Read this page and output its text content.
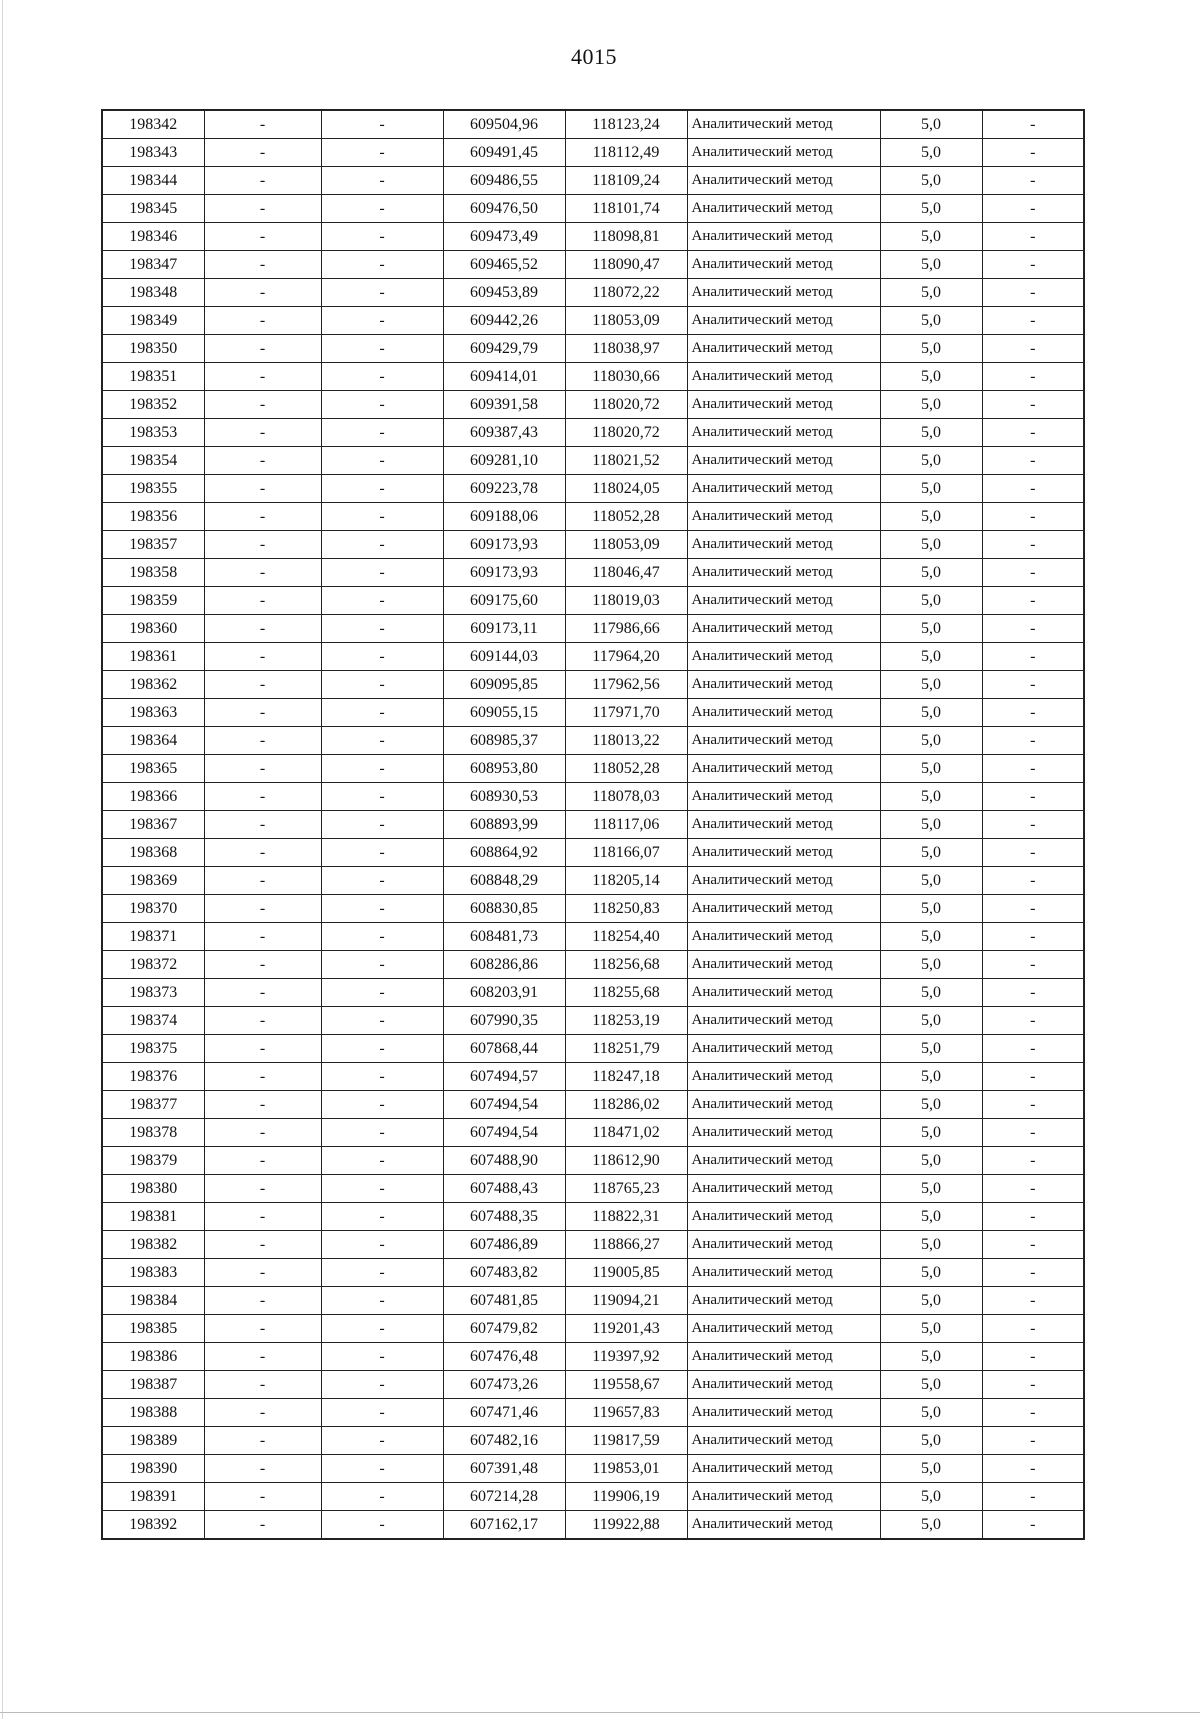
4015
198342	-	-	609504,96	118123,24	Аналитический метод	5,0	-
198343	-	-	609491,45	118112,49	Аналитический метод	5,0	-
198344	-	-	609486,55	118109,24	Аналитический метод	5,0	-
198345	-	-	609476,50	118101,74	Аналитический метод	5,0	-
198346	-	-	609473,49	118098,81	Аналитический метод	5,0	-
198347	-	-	609465,52	118090,47	Аналитический метод	5,0	-
198348	-	-	609453,89	118072,22	Аналитический метод	5,0	-
198349	-	-	609442,26	118053,09	Аналитический метод	5,0	-
198350	-	-	609429,79	118038,97	Аналитический метод	5,0	-
198351	-	-	609414,01	118030,66	Аналитический метод	5,0	-
198352	-	-	609391,58	118020,72	Аналитический метод	5,0	-
198353	-	-	609387,43	118020,72	Аналитический метод	5,0	-
198354	-	-	609281,10	118021,52	Аналитический метод	5,0	-
198355	-	-	609223,78	118024,05	Аналитический метод	5,0	-
198356	-	-	609188,06	118052,28	Аналитический метод	5,0	-
198357	-	-	609173,93	118053,09	Аналитический метод	5,0	-
198358	-	-	609173,93	118046,47	Аналитический метод	5,0	-
198359	-	-	609175,60	118019,03	Аналитический метод	5,0	-
198360	-	-	609173,11	117986,66	Аналитический метод	5,0	-
198361	-	-	609144,03	117964,20	Аналитический метод	5,0	-
198362	-	-	609095,85	117962,56	Аналитический метод	5,0	-
198363	-	-	609055,15	117971,70	Аналитический метод	5,0	-
198364	-	-	608985,37	118013,22	Аналитический метод	5,0	-
198365	-	-	608953,80	118052,28	Аналитический метод	5,0	-
198366	-	-	608930,53	118078,03	Аналитический метод	5,0	-
198367	-	-	608893,99	118117,06	Аналитический метод	5,0	-
198368	-	-	608864,92	118166,07	Аналитический метод	5,0	-
198369	-	-	608848,29	118205,14	Аналитический метод	5,0	-
198370	-	-	608830,85	118250,83	Аналитический метод	5,0	-
198371	-	-	608481,73	118254,40	Аналитический метод	5,0	-
198372	-	-	608286,86	118256,68	Аналитический метод	5,0	-
198373	-	-	608203,91	118255,68	Аналитический метод	5,0	-
198374	-	-	607990,35	118253,19	Аналитический метод	5,0	-
198375	-	-	607868,44	118251,79	Аналитический метод	5,0	-
198376	-	-	607494,57	118247,18	Аналитический метод	5,0	-
198377	-	-	607494,54	118286,02	Аналитический метод	5,0	-
198378	-	-	607494,54	118471,02	Аналитический метод	5,0	-
198379	-	-	607488,90	118612,90	Аналитический метод	5,0	-
198380	-	-	607488,43	118765,23	Аналитический метод	5,0	-
198381	-	-	607488,35	118822,31	Аналитический метод	5,0	-
198382	-	-	607486,89	118866,27	Аналитический метод	5,0	-
198383	-	-	607483,82	119005,85	Аналитический метод	5,0	-
198384	-	-	607481,85	119094,21	Аналитический метод	5,0	-
198385	-	-	607479,82	119201,43	Аналитический метод	5,0	-
198386	-	-	607476,48	119397,92	Аналитический метод	5,0	-
198387	-	-	607473,26	119558,67	Аналитический метод	5,0	-
198388	-	-	607471,46	119657,83	Аналитический метод	5,0	-
198389	-	-	607482,16	119817,59	Аналитический метод	5,0	-
198390	-	-	607391,48	119853,01	Аналитический метод	5,0	-
198391	-	-	607214,28	119906,19	Аналитический метод	5,0	-
198392	-	-	607162,17	119922,88	Аналитический метод	5,0	-
